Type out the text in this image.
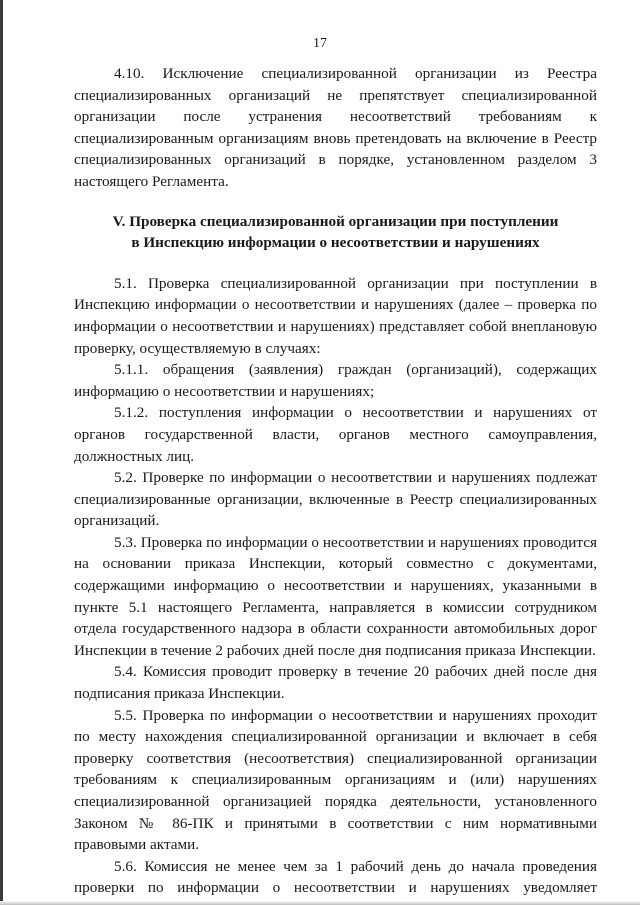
17

4.10. Исключение специализированной организации из Реестра специализированных организаций не препятствует специализированной организации после устранения несоответствий требованиям к специализированным организациям вновь претендовать на включение в Реестр специализированных организаций в порядке, установленном разделом 3 настоящего Регламента.

V. Проверка специализированной организации при поступлении
в Инспекцию информации о несоответствии и нарушениях

5.1. Проверка специализированной организации при поступлении в Инспекцию информации о несоответствии и нарушениях (далее – проверка по информации о несоответствии и нарушениях) представляет собой внеплановую проверку, осуществляемую в случаях:

5.1.1. обращения (заявления) граждан (организаций), содержащих информацию о несоответствии и нарушениях;

5.1.2. поступления информации о несоответствии и нарушениях от органов государственной власти, органов местного самоуправления, должностных лиц.

5.2. Проверке по информации о несоответствии и нарушениях подлежат специализированные организации, включенные в Реестр специализированных организаций.

5.3. Проверка по информации о несоответствии и нарушениях проводится на основании приказа Инспекции, который совместно с документами, содержащими информацию о несоответствии и нарушениях, указанными в пункте 5.1 настоящего Регламента, направляется в комиссии сотрудником отдела государственного надзора в области сохранности автомобильных дорог Инспекции в течение 2 рабочих дней после дня подписания приказа Инспекции.

5.4. Комиссия проводит проверку в течение 20 рабочих дней после дня подписания приказа Инспекции.

5.5. Проверка по информации о несоответствии и нарушениях проходит по месту нахождения специализированной организации и включает в себя проверку соответствия (несоответствия) специализированной организации требованиям к специализированным организациям и (или) нарушениях специализированной организацией порядка деятельности, установленного Законом № 86-ПК и принятыми в соответствии с ним нормативными правовыми актами.

5.6. Комиссия не менее чем за 1 рабочий день до начала проведения проверки по информации о несоответствии и нарушениях уведомляет
